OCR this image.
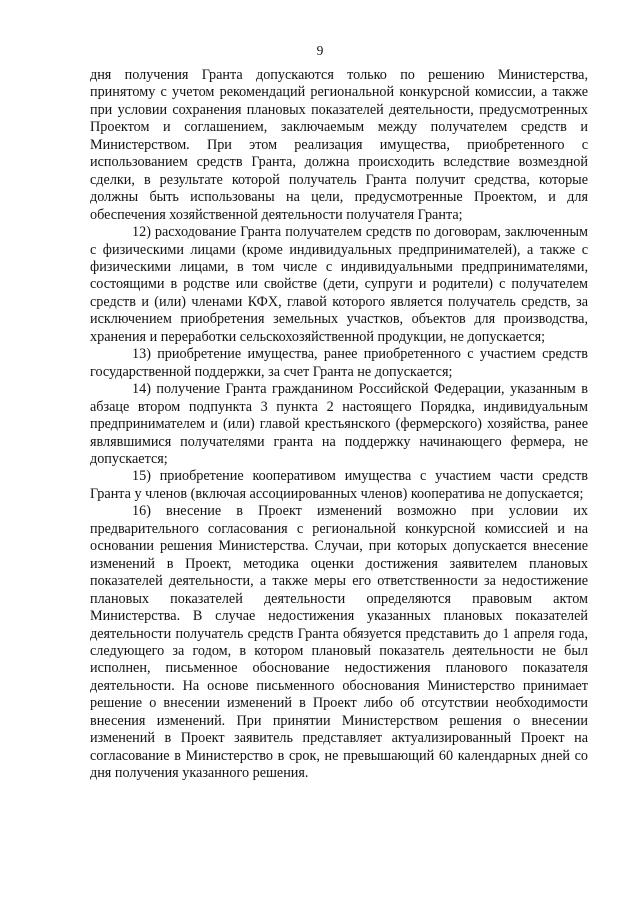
9

дня получения Гранта допускаются только по решению Министерства, принятому с учетом рекомендаций региональной конкурсной комиссии, а также при условии сохранения плановых показателей деятельности, предусмотренных Проектом и соглашением, заключаемым между получателем средств и Министерством. При этом реализация имущества, приобретенного с использованием средств Гранта, должна происходить вследствие возмездной сделки, в результате которой получатель Гранта получит средства, которые должны быть использованы на цели, предусмотренные Проектом, и для обеспечения хозяйственной деятельности получателя Гранта;

12) расходование Гранта получателем средств по договорам, заключенным с физическими лицами (кроме индивидуальных предпринимателей), а также с физическими лицами, в том числе с индивидуальными предпринимателями, состоящими в родстве или свойстве (дети, супруги и родители) с получателем средств и (или) членами КФХ, главой которого является получатель средств, за исключением приобретения земельных участков, объектов для производства, хранения и переработки сельскохозяйственной продукции, не допускается;

13) приобретение имущества, ранее приобретенного с участием средств государственной поддержки, за счет Гранта не допускается;

14) получение Гранта гражданином Российской Федерации, указанным в абзаце втором подпункта 3 пункта 2 настоящего Порядка, индивидуальным предпринимателем и (или) главой крестьянского (фермерского) хозяйства, ранее являвшимися получателями гранта на поддержку начинающего фермера, не допускается;

15) приобретение кооперативом имущества с участием части средств Гранта у членов (включая ассоциированных членов) кооператива не допускается;

16) внесение в Проект изменений возможно при условии их предварительного согласования с региональной конкурсной комиссией и на основании решения Министерства. Случаи, при которых допускается внесение изменений в Проект, методика оценки достижения заявителем плановых показателей деятельности, а также меры его ответственности за недостижение плановых показателей деятельности определяются правовым актом Министерства. В случае недостижения указанных плановых показателей деятельности получатель средств Гранта обязуется представить до 1 апреля года, следующего за годом, в котором плановый показатель деятельности не был исполнен, письменное обоснование недостижения планового показателя деятельности. На основе письменного обоснования Министерство принимает решение о внесении изменений в Проект либо об отсутствии необходимости внесения изменений. При принятии Министерством решения о внесении изменений в Проект заявитель представляет актуализированный Проект на согласование в Министерство в срок, не превышающий 60 календарных дней со дня получения указанного решения.
